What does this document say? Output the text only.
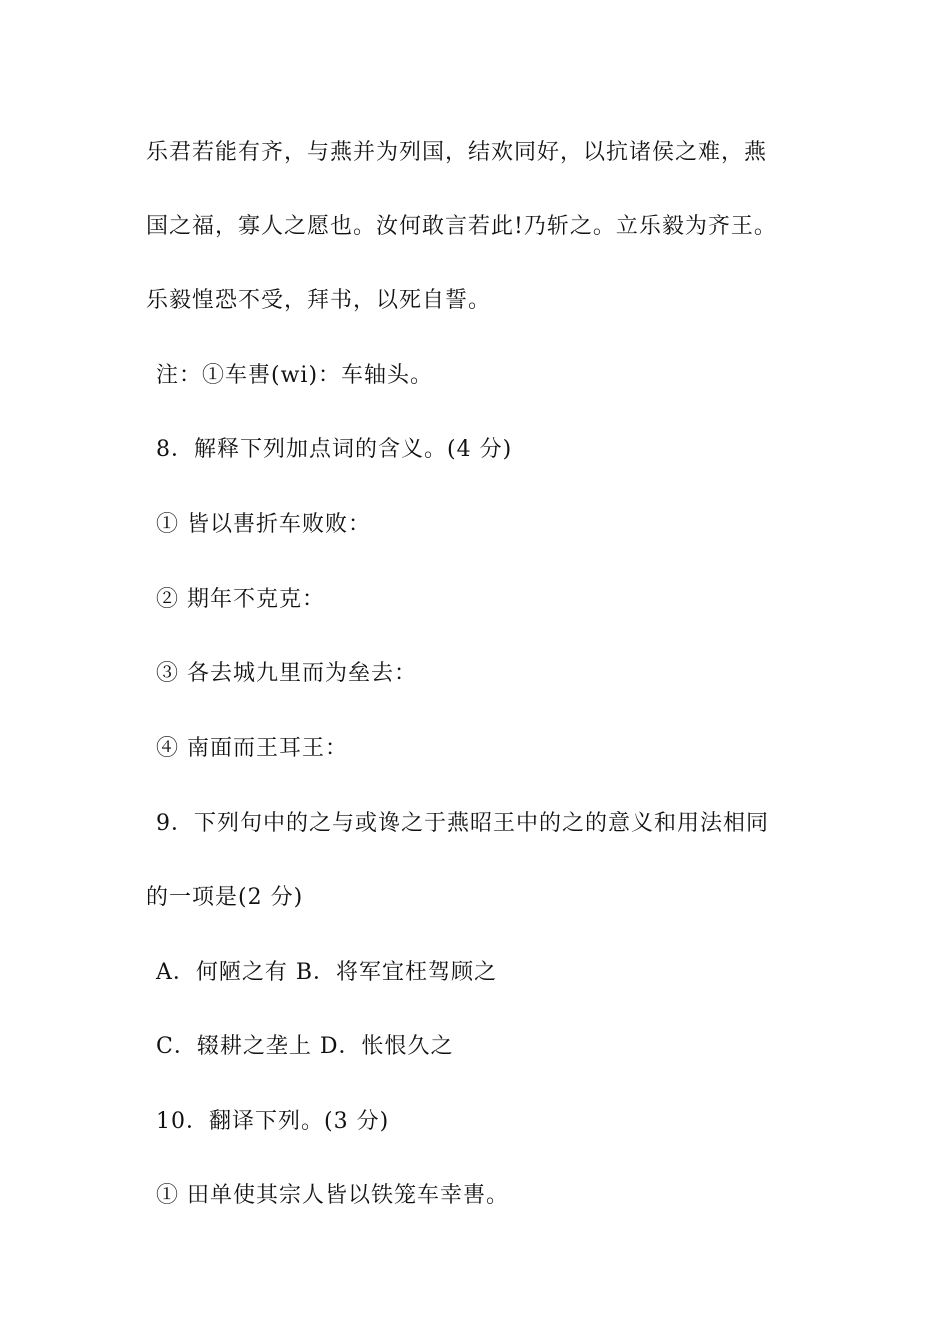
乐君若能有齐，与燕并为列国，结欢同好，以抗诸侯之难，燕
国之福，寡人之愿也。汝何敢言若此!乃斩之。立乐毅为齐王。
乐毅惶恐不受，拜书，以死自誓。
注：①车軎(wi)：车轴头。
8．解释下列加点词的含义。(4 分)
① 皆以軎折车败败：
② 期年不克克：
③ 各去城九里而为垒去：
④ 南面而王耳王：
9．下列句中的之与或谗之于燕昭王中的之的意义和用法相同
的一项是(2 分)
A．何陋之有 B．将军宜枉驾顾之
C．辍耕之垄上 D．怅恨久之
10．翻译下列。(3 分)
① 田单使其宗人皆以铁笼车幸軎。
